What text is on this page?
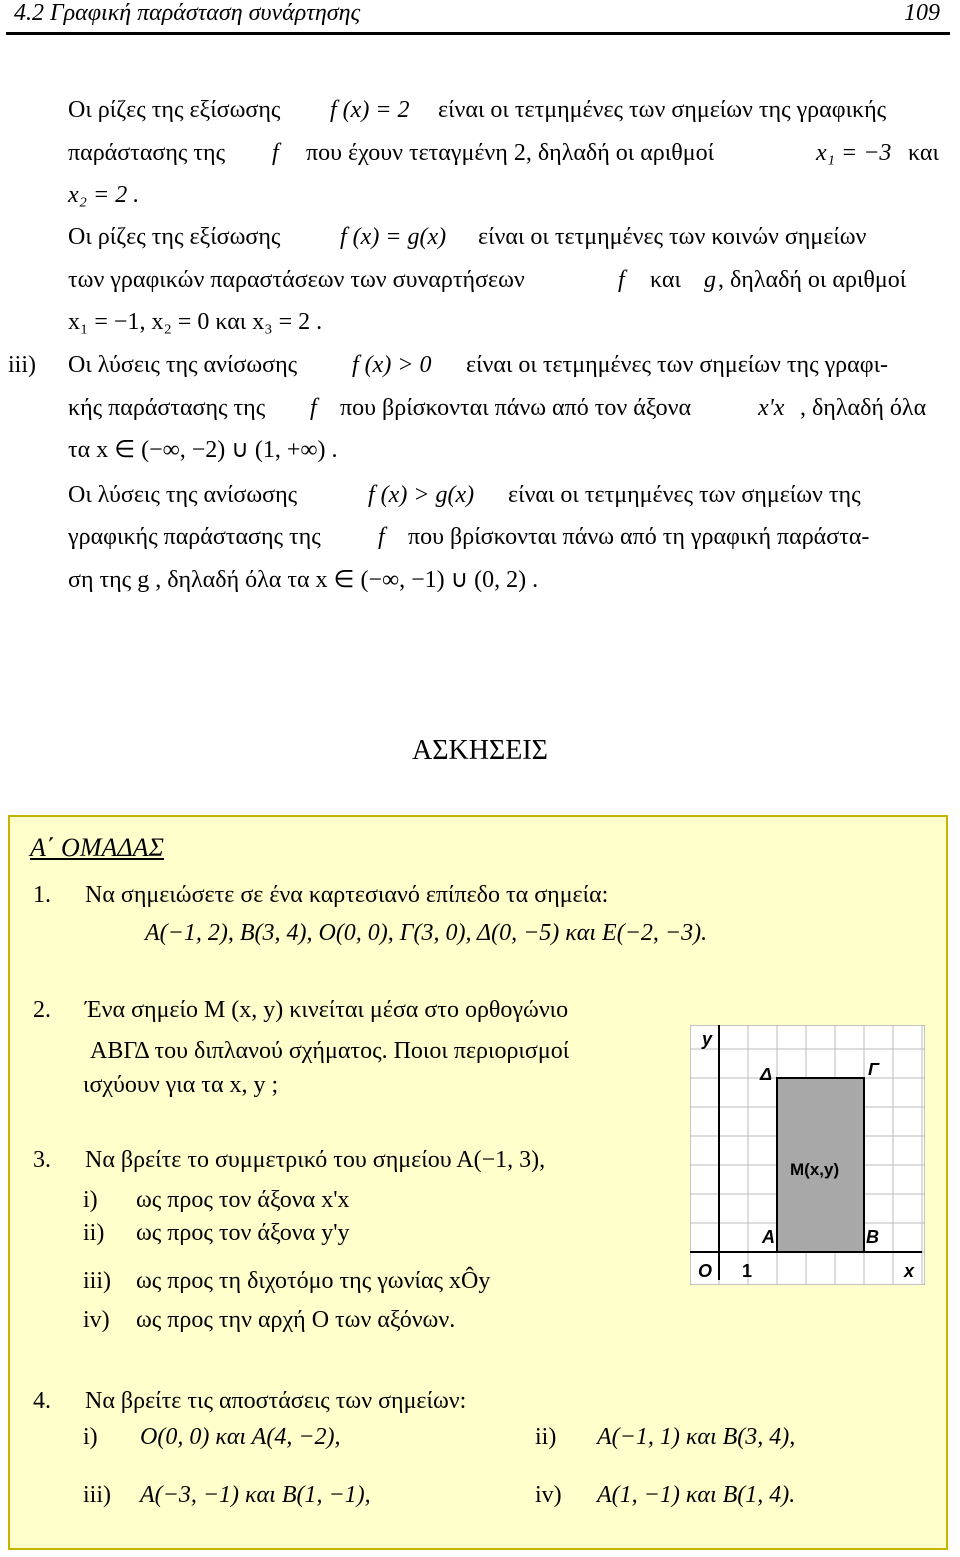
4.2 Γραφική παράσταση συνάρτησης	109
Οι ρίζες της εξίσωσης f (x) = 2 είναι οι τετμημένες των σημείων της γραφικής
παράστασης της f που έχουν τεταγμένη 2, δηλαδή οι αριθμοί	x₁ = −3 και
x₂ = 2 .
Οι ρίζες της εξίσωσης f (x) = g(x) είναι οι τετμημένες των κοινών σημείων
των γραφικών παραστάσεων των συναρτήσεων	f και g , δηλαδή οι αριθμοί
x₁ = −1, x₂ = 0 και x₃ = 2 .
iii) Οι λύσεις της ανίσωσης f (x) > 0 είναι οι τετμημένες των σημείων της γραφι-
κής παράστασης της f που βρίσκονται πάνω από τον άξονα	x'x , δηλαδή όλα
τα x ∈ (−∞, −2) ∪ (1, +∞) .
Οι λύσεις της ανίσωσης	f (x) > g(x) είναι οι τετμημένες των σημείων της
γραφικής παράστασης της f που βρίσκονται πάνω από τη γραφική παράστα-
ση της g , δηλαδή όλα τα x ∈ (−∞, −1) ∪ (0, 2) .
ΑΣΚΗΣΕΙΣ
Α΄ ΟΜΑΔΑΣ
1. Να σημειώσετε σε ένα καρτεσιανό επίπεδο τα σημεία:
Α(−1, 2), Β(3, 4), Ο(0, 0), Γ(3, 0), Δ(0, −5) και Ε(−2, −3).
2. Ένα σημείο Μ (x, y) κινείται μέσα στο ορθογώνιο
ΑΒΓΔ του διπλανού σχήματος. Ποιοι περιορισμοί
ισχύουν για τα x, y ;
3. Να βρείτε το συμμετρικό του σημείου Α(−1, 3),
i) ως προς τον άξονα x'x
ii) ως προς τον άξονα y'y
iii) ως προς τη διχοτόμο της γωνίας xÔy
iv) ως προς την αρχή Ο των αξόνων.
4. Να βρείτε τις αποστάσεις των σημείων:
i) Ο(0, 0) και Α(4, −2),	ii) Α(−1, 1) και Β(3, 4),
iii) Α(−3, −1) και Β(1, −1),	iv) Α(1, −1) και Β(1, 4).
y
x
O 1
Δ	Γ
A	B
M(x,y)
